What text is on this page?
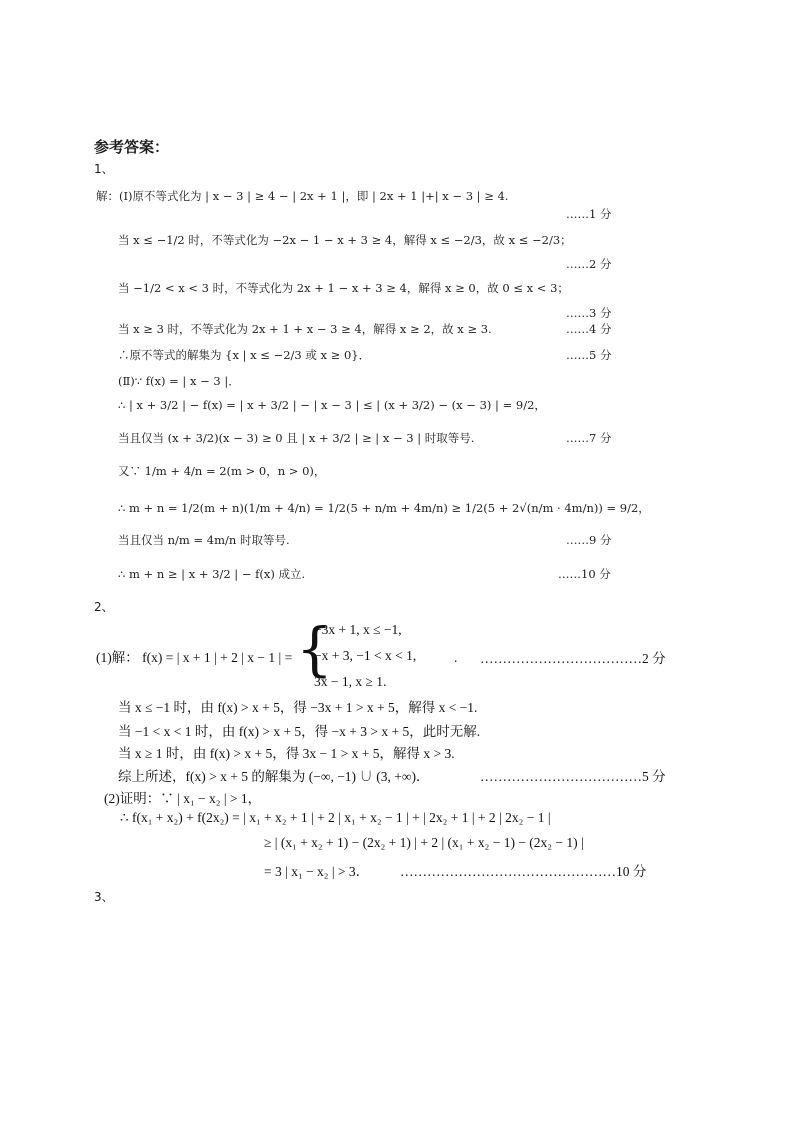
参考答案：
1、
解：(Ⅰ)原不等式化为 | x − 3 | ≥ 4 − | 2x + 1 |，即 | 2x + 1 |+| x − 3 | ≥ 4.
……1 分
当 x ≤ −1/2 时，不等式化为 −2x − 1 − x + 3 ≥ 4，解得 x ≤ −2/3，故 x ≤ −2/3；
……2 分
当 −1/2 < x < 3 时，不等式化为 2x + 1 − x + 3 ≥ 4，解得 x ≥ 0，故 0 ≤ x < 3；
……3 分
当 x ≥ 3 时，不等式化为 2x + 1 + x − 3 ≥ 4，解得 x ≥ 2，故 x ≥ 3.	……4 分
∴原不等式的解集为 {x | x ≤ −2/3 或 x ≥ 0}．	……5 分
(Ⅱ)∵ f(x) = | x − 3 |．
∴ | x + 3/2 | − f(x) = | x + 3/2 | − | x − 3 | ≤ | (x + 3/2) − (x − 3) | = 9/2，
当且仅当 (x + 3/2)(x − 3) ≥ 0 且 | x + 3/2 | ≥ | x − 3 | 时取等号.	……7 分
又∵ 1/m + 4/n = 2(m > 0，n > 0)，
∴ m + n = 1/2(m + n)(1/m + 4/n) = 1/2(5 + n/m + 4m/n) ≥ 1/2(5 + 2√(n/m · 4m/n)) = 9/2，
当且仅当 n/m = 4m/n 时取等号.	……9 分
∴ m + n ≥ | x + 3/2 | − f(x) 成立.	……10 分
2、
(1)解： f(x) = | x + 1 | + 2 | x − 1 | = {
−3x + 1, x ≤ −1,
−x + 3, −1 < x < 1,
3x − 1, x ≥ 1.
. ………………………………2 分
当 x ≤ −1 时，由 f(x) > x + 5，得 −3x + 1 > x + 5，解得 x < −1.
当 −1 < x < 1 时，由 f(x) > x + 5，得 −x + 3 > x + 5，此时无解.
当 x ≥ 1 时，由 f(x) > x + 5，得 3x − 1 > x + 5，解得 x > 3.
综上所述，f(x) > x + 5 的解集为 (−∞, −1) ∪ (3, +∞)．	………………………………5 分
(2)证明：∵ | x₁ − x₂ | > 1，
∴ f(x₁ + x₂) + f(2x₂) = | x₁ + x₂ + 1 | + 2 | x₁ + x₂ − 1 | + | 2x₂ + 1 | + 2 | 2x₂ − 1 |
≥ | (x₁ + x₂ + 1) − (2x₂ + 1) | + 2 | (x₁ + x₂ − 1) − (2x₂ − 1) |
= 3 | x₁ − x₂ | > 3． …………………………………………10 分
3、
